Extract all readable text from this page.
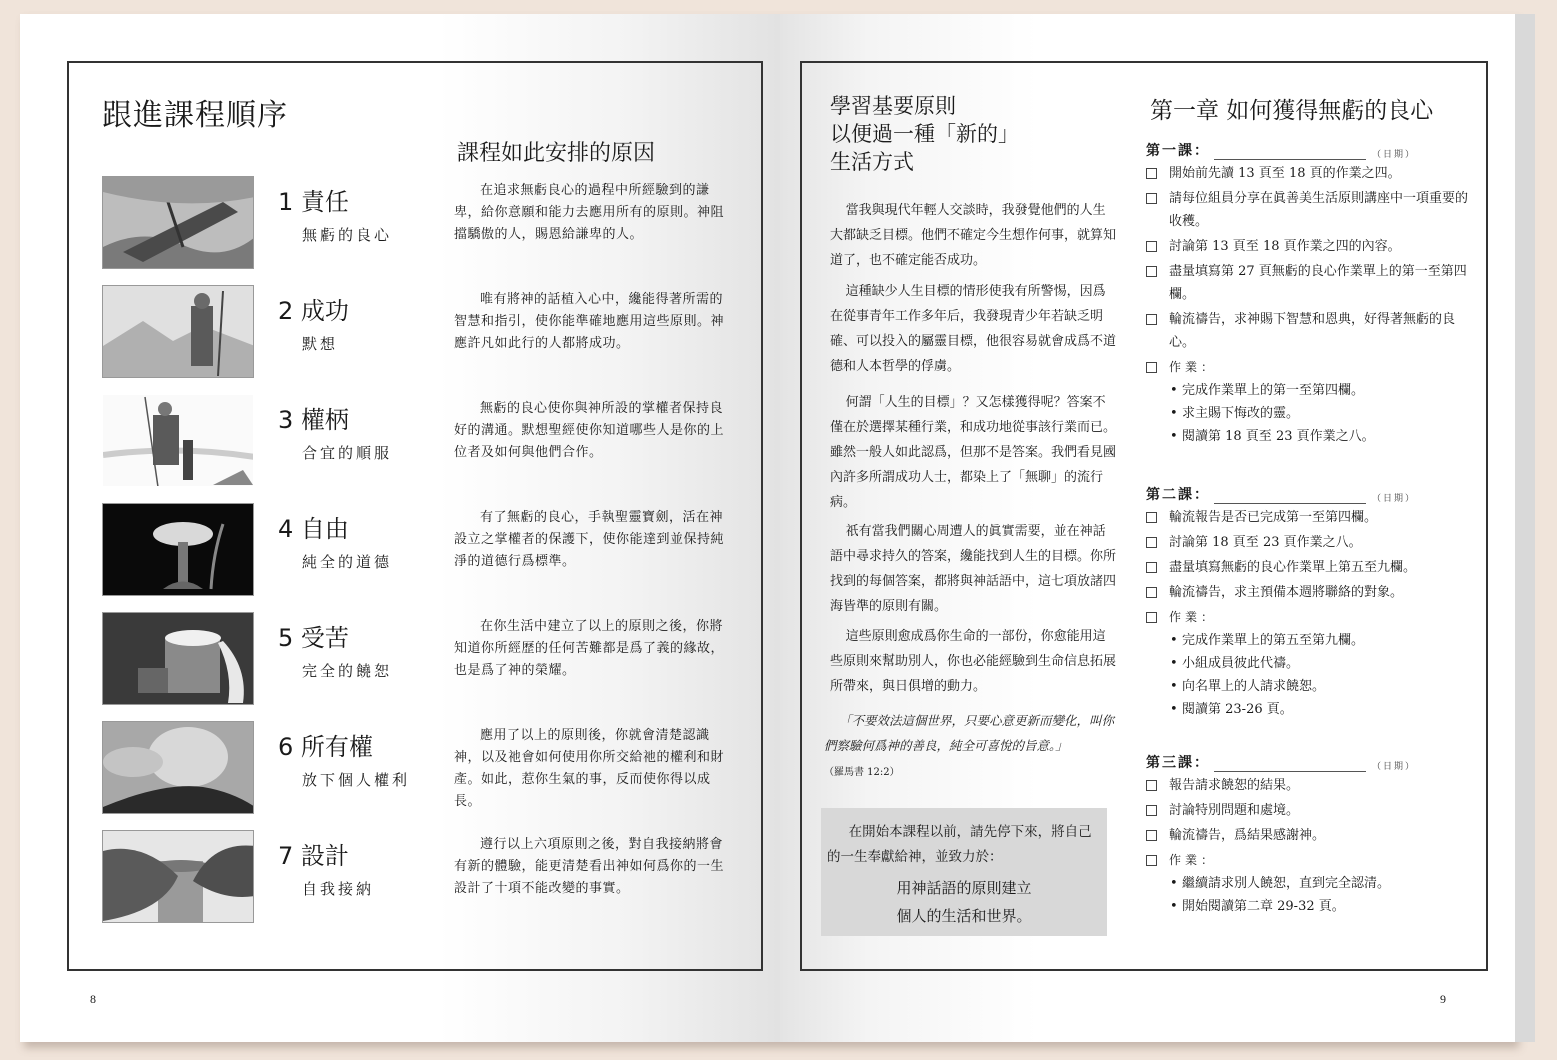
跟進課程順序
課程如此安排的原因
1 責任
無虧的良心
在追求無虧良心的過程中所經驗到的謙卑，給你意願和能力去應用所有的原則。神阻擋驕傲的人，賜恩給謙卑的人。
2 成功
默想
唯有將神的話植入心中，纔能得著所需的智慧和指引，使你能準確地應用這些原則。神應許凡如此行的人都將成功。
3 權柄
合宜的順服
無虧的良心使你與神所設的掌權者保持良好的溝通。默想聖經使你知道哪些人是你的上位者及如何與他們合作。
4 自由
純全的道德
有了無虧的良心，手執聖靈寶劍，活在神設立之掌權者的保護下，使你能達到並保持純淨的道德行爲標準。
5 受苦
完全的饒恕
在你生活中建立了以上的原則之後，你將知道你所經歷的任何苦難都是爲了義的緣故，也是爲了神的榮耀。
6 所有權
放下個人權利
應用了以上的原則後，你就會清楚認識神，以及祂會如何使用你所交給祂的權利和財產。如此，惹你生氣的事，反而使你得以成長。
7 設計
自我接納
遵行以上六項原則之後，對自我接納將會有新的體驗，能更清楚看出神如何爲你的一生設計了十項不能改變的事實。
8
學習基要原則
以便過一種「新的」
生活方式

當我與現代年輕人交談時，我發覺他們的人生大都缺乏目標。他們不確定今生想作何事，就算知道了，也不確定能否成功。

這種缺少人生目標的情形使我有所警惕，因爲在從事青年工作多年后，我發現青少年若缺乏明確、可以投入的屬靈目標，他很容易就會成爲不道德和人本哲學的俘虜。

何謂「人生的目標」？又怎樣獲得呢？答案不僅在於選擇某種行業，和成功地從事該行業而已。雖然一般人如此認爲，但那不是答案。我們看見國內許多所謂成功人士，都染上了「無聊」的流行病。

祇有當我們關心周遭人的眞實需要，並在神話語中尋求持久的答案，纔能找到人生的目標。你所找到的每個答案，都將與神話語中，這七項放諸四海皆準的原則有關。

這些原則愈成爲你生命的一部份，你愈能用這些原則來幫助別人，你也必能經驗到生命信息拓展所帶來，與日俱增的動力。

「不要效法這個世界，只要心意更新而變化，叫你們察驗何爲神的善良，純全可喜悅的旨意。」
（羅馬書 12:2）

在開始本課程以前，請先停下來，將自己的一生奉獻給神，並致力於：

用神話語的原則建立
個人的生活和世界。

第一章 如何獲得無虧的良心
第一課：	（日期）
開始前先讀 13 頁至 18 頁的作業之四。
請每位組員分享在眞善美生活原則講座中一項重要的收穫。
討論第 13 頁至 18 頁作業之四的內容。
盡量填寫第 27 頁無虧的良心作業單上的第一至第四欄。
輪流禱告，求神賜下智慧和恩典，好得著無虧的良心。
作業：
• 完成作業單上的第一至第四欄。
• 求主賜下悔改的靈。
• 閱讀第 18 頁至 23 頁作業之八。
第二課：	（日期）
輪流報告是否已完成第一至第四欄。
討論第 18 頁至 23 頁作業之八。
盡量填寫無虧的良心作業單上第五至九欄。
輪流禱告，求主預備本週將聯絡的對象。
作業：
• 完成作業單上的第五至第九欄。
• 小組成員彼此代禱。
• 向名單上的人請求饒恕。
• 閱讀第 23-26 頁。
第三課：	（日期）
報告請求饒恕的結果。
討論特別問題和處境。
輪流禱告，爲結果感謝神。
作業：
• 繼續請求別人饒恕，直到完全認清。
• 開始閱讀第二章 29-32 頁。
9
